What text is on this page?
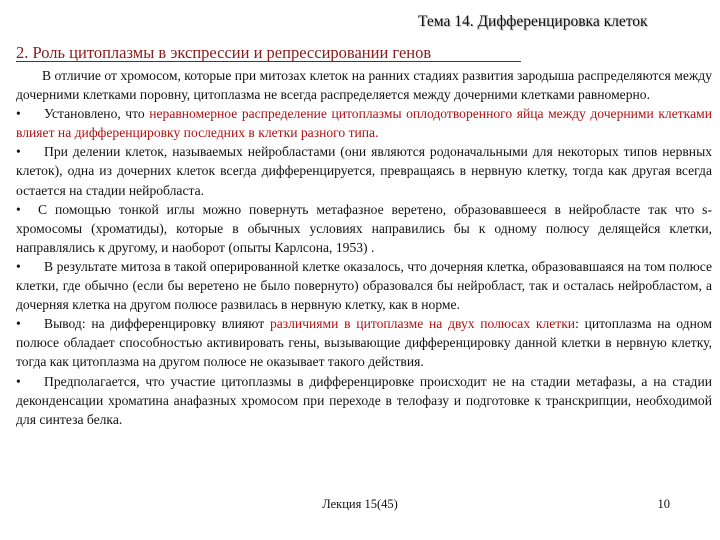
Тема 14. Дифференцировка клеток
2. Роль цитоплазмы в экспрессии и репрессировании генов

В отличие от хромосом, которые при митозах клеток на ранних стадиях развития зародыша распределяются между дочерними клетками поровну, цитоплазма не всегда распределяется между дочерними клетками равномерно.

• Установлено, что неравномерное распределение цитоплазмы оплодотворенного яйца между дочерними клетками влияет на дифференцировку последних в клетки разного типа.

• При делении клеток, называемых нейробластами (они являются родоначальными для некоторых типов нервных клеток), одна из дочерних клеток всегда дифференцируется, превращаясь в нервную клетку, тогда как другая всегда остается на стадии нейробласта.

• С помощью тонкой иглы можно повернуть метафазное веретено, образовавшееся в нейробласте так что s-хромосомы (хроматиды), которые в обычных условиях направились бы к одному полюсу делящейся клетки, направлялись к другому, и наоборот (опыты Карлсона, 1953) .

• В результате митоза в такой оперированной клетке оказалось, что дочерняя клетка, образовавшаяся на том полюсе клетки, где обычно (если бы веретено не было повернуто) образовался бы нейробласт, так и осталась нейробластом, а дочерняя клетка на другом полюсе развилась в нервную клетку, как в норме.

• Вывод: на дифференцировку влияют различиями в цитоплазме на двух полюсах клетки: цитоплазма на одном полюсе обладает способностью активировать гены, вызывающие дифференцировку данной клетки в нервную клетку, тогда как цитоплазма на другом полюсе не оказывает такого действия.

• Предполагается, что участие цитоплазмы в дифференцировке происходит не на стадии метафазы, а на стадии деконденсации хроматина анафазных хромосом при переходе в телофазу и подготовке к транскрипции, необходимой для синтеза белка.

Лекция 15(45)	10
